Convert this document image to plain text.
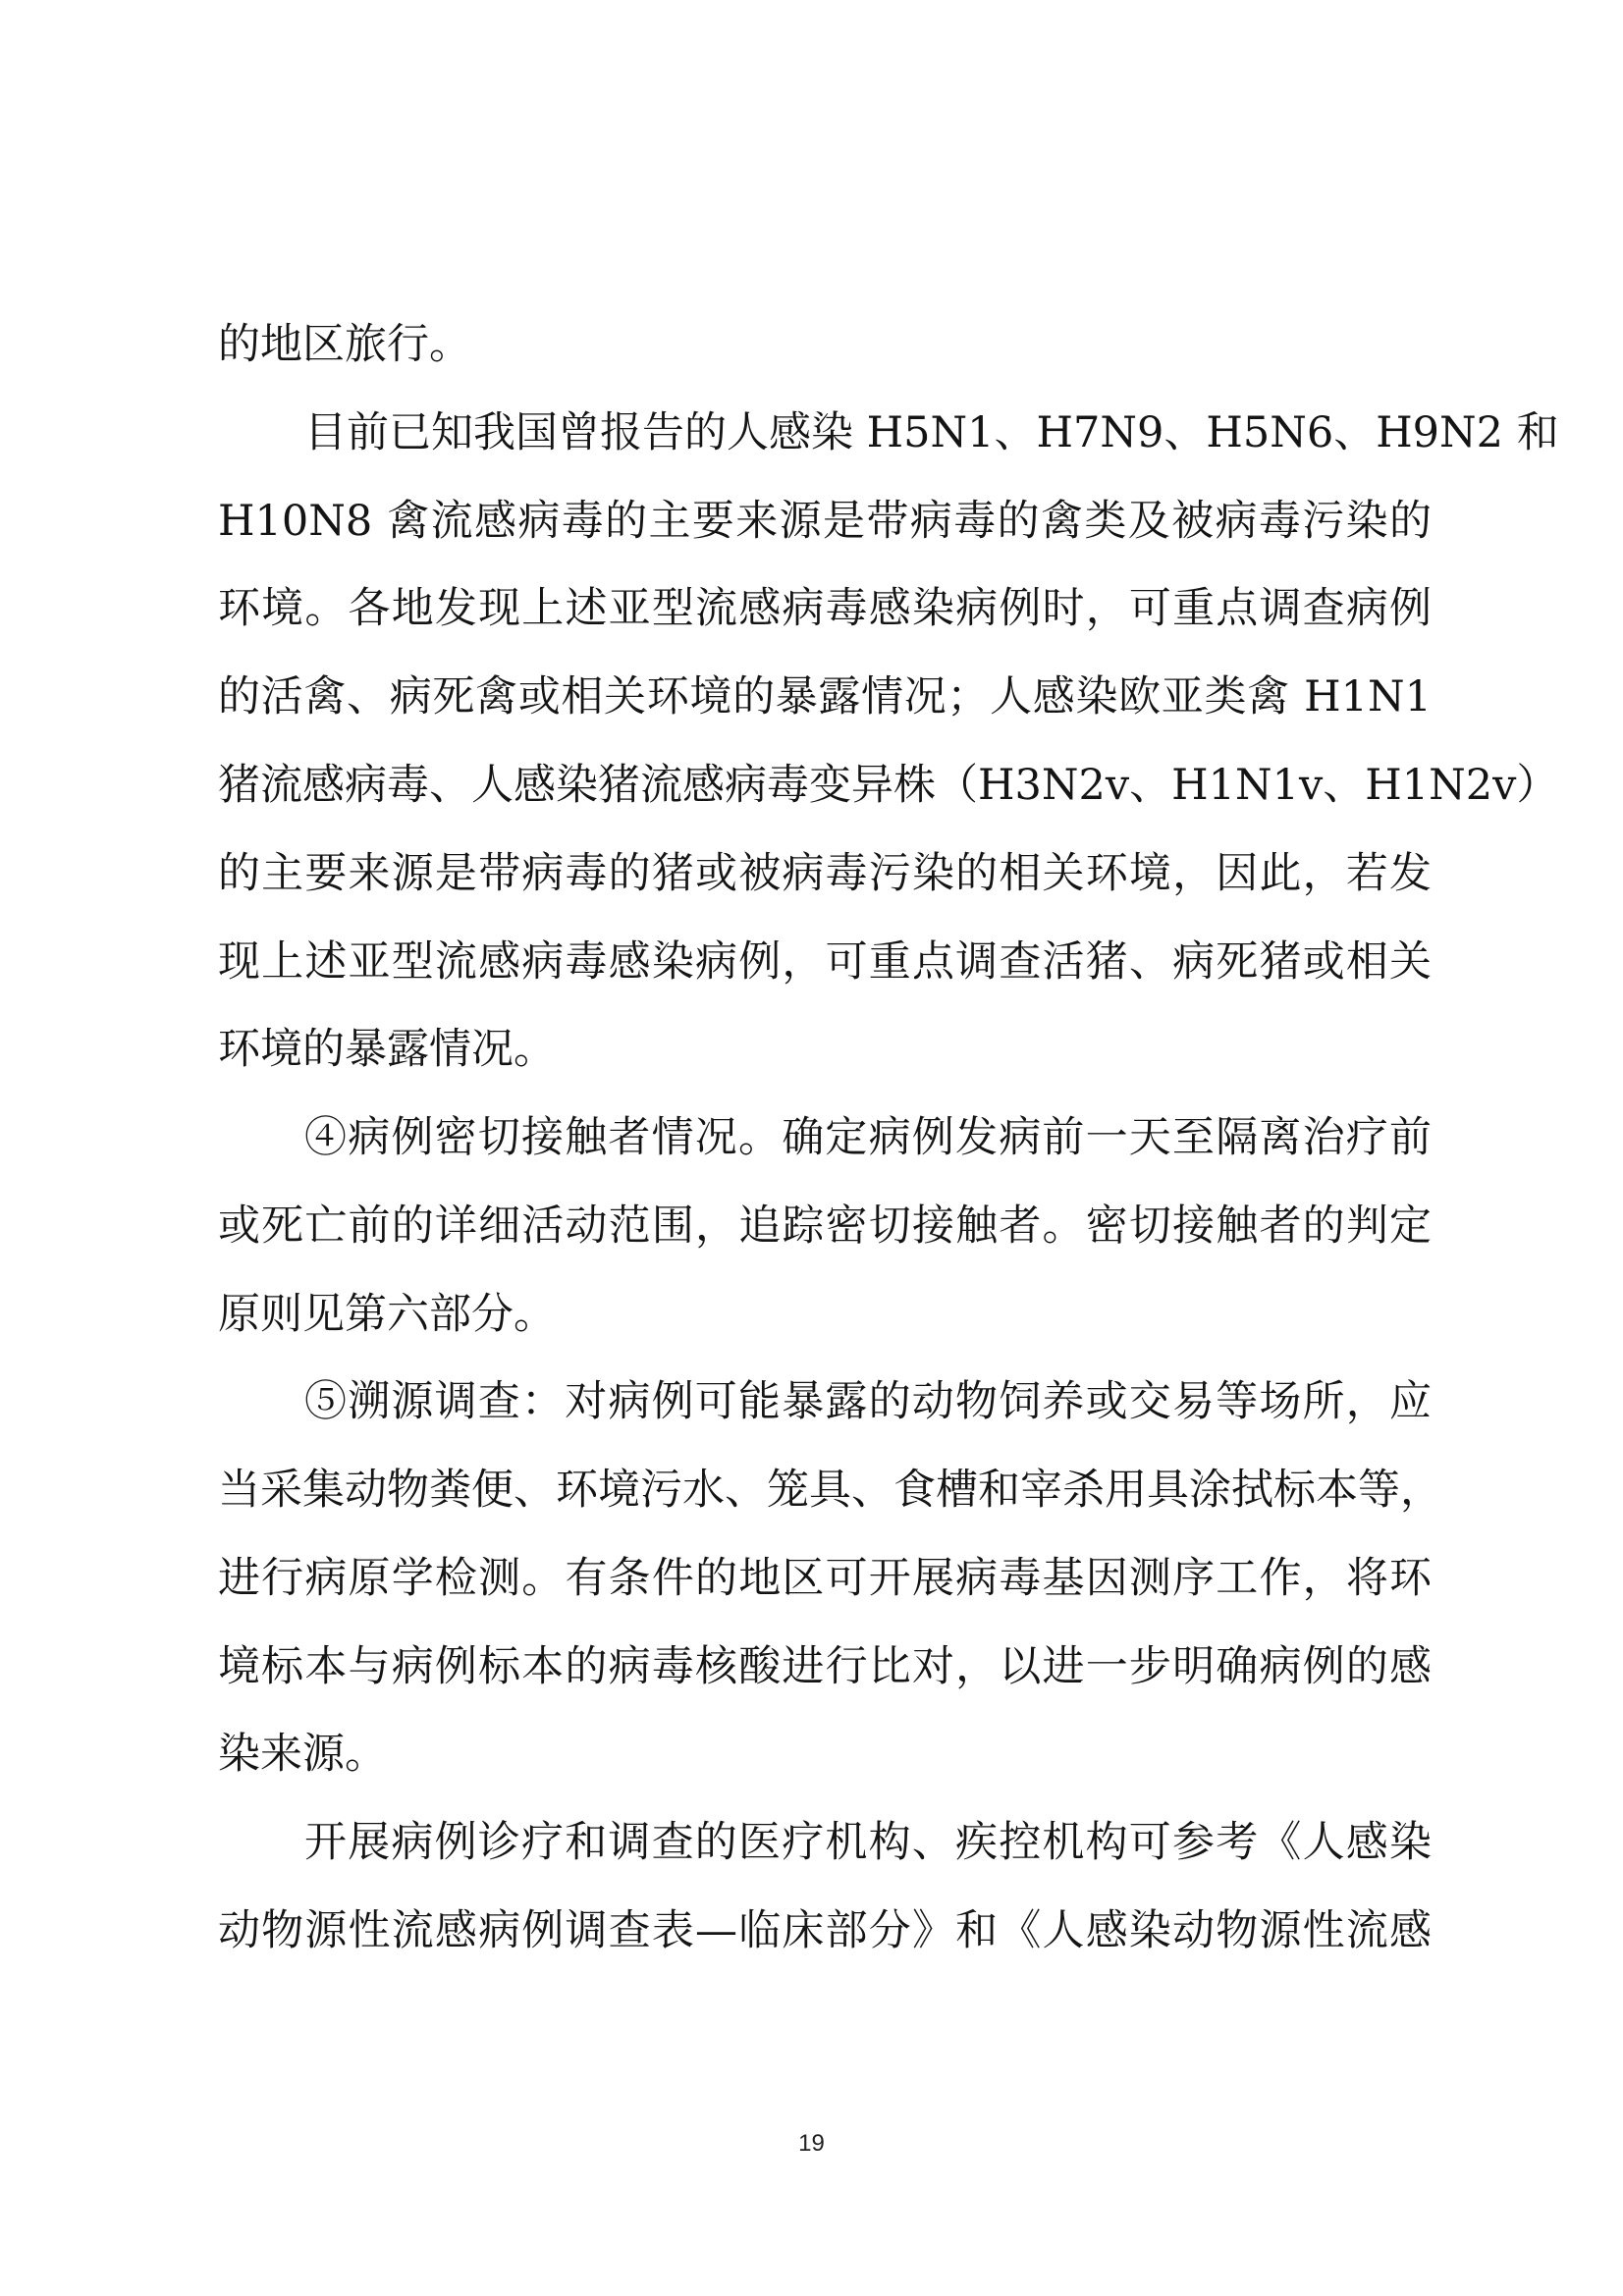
的地区旅行。
目前已知我国曾报告的人感染 H5N1、H7N9、H5N6、H9N2 和
H10N8 禽流感病毒的主要来源是带病毒的禽类及被病毒污染的
环境。各地发现上述亚型流感病毒感染病例时，可重点调查病例
的活禽、病死禽或相关环境的暴露情况；人感染欧亚类禽 H1N1
猪流感病毒、人感染猪流感病毒变异株（H3N2v、H1N1v、H1N2v）
的主要来源是带病毒的猪或被病毒污染的相关环境，因此，若发
现上述亚型流感病毒感染病例，可重点调查活猪、病死猪或相关
环境的暴露情况。
④病例密切接触者情况。确定病例发病前一天至隔离治疗前
或死亡前的详细活动范围，追踪密切接触者。密切接触者的判定
原则见第六部分。
⑤溯源调查：对病例可能暴露的动物饲养或交易等场所，应
当采集动物粪便、环境污水、笼具、食槽和宰杀用具涂拭标本等，
进行病原学检测。有条件的地区可开展病毒基因测序工作，将环
境标本与病例标本的病毒核酸进行比对，以进一步明确病例的感
染来源。
开展病例诊疗和调查的医疗机构、疾控机构可参考《人感染
动物源性流感病例调查表—临床部分》和《人感染动物源性流感
19
